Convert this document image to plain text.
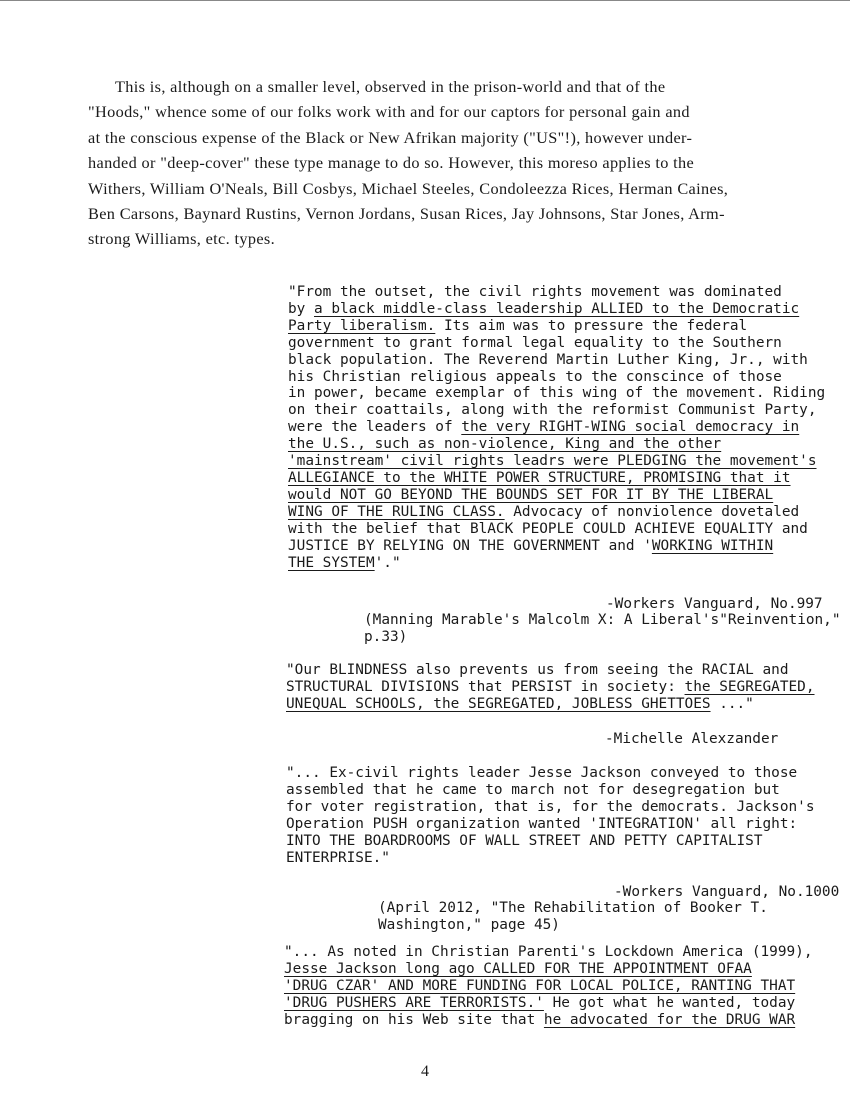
This is, although on a smaller level, observed in the prison-world and that of the
"Hoods," whence some of our folks work with and for our captors for personal gain and
at the conscious expense of the Black or New Afrikan majority ("US"!), however under-
handed or "deep-cover" these type manage to do so. However, this moreso applies to the
Withers, William O'Neals, Bill Cosbys, Michael Steeles, Condoleezza Rices, Herman Caines,
Ben Carsons, Baynard Rustins, Vernon Jordans, Susan Rices, Jay Johnsons, Star Jones, Arm-
strong Williams, etc. types.
"From the outset, the civil rights movement was dominated
by a black middle-class leadership ALLIED to the Democratic
Party liberalism. Its aim was to pressure the federal
government to grant formal legal equality to the Southern
black population. The Reverend Martin Luther King, Jr., with
his Christian religious appeals to the conscince of those
in power, became exemplar of this wing of the movement. Riding
on their coattails, along with the reformist Communist Party,
were the leaders of the very RIGHT-WING social democracy in
the U.S., such as non-violence, King and the other
'mainstream' civil rights leadrs were PLEDGING the movement's
ALLEGIANCE to the WHITE POWER STRUCTURE, PROMISING that it
would NOT GO BEYOND THE BOUNDS SET FOR IT BY THE LIBERAL
WING OF THE RULING CLASS. Advocacy of nonviolence dovetaled
with the belief that BlACK PEOPLE COULD ACHIEVE EQUALITY and
JUSTICE BY RELYING ON THE GOVERNMENT and 'WORKING WITHIN
THE SYSTEM'."
-Workers Vanguard, No.997
(Manning Marable's Malcolm X: A Liberal's"Reinvention,"
p.33)
"Our BLINDNESS also prevents us from seeing the RACIAL and
STRUCTURAL DIVISIONS that PERSIST in society: the SEGREGATED,
UNEQUAL SCHOOLS, the SEGREGATED, JOBLESS GHETTOES ..."
-Michelle Alexzander
"... Ex-civil rights leader Jesse Jackson conveyed to those
assembled that he came to march not for desegregation but
for voter registration, that is, for the democrats. Jackson's
Operation PUSH organization wanted 'INTEGRATION' all right:
INTO THE BOARDROOMS OF WALL STREET AND PETTY CAPITALIST
ENTERPRISE."
-Workers Vanguard, No.1000
(April 2012, "The Rehabilitation of Booker T.
Washington," page 45)
"... As noted in Christian Parenti's Lockdown America (1999),
Jesse Jackson long ago CALLED FOR THE APPOINTMENT OFAA
'DRUG CZAR' AND MORE FUNDING FOR LOCAL POLICE, RANTING THAT
'DRUG PUSHERS ARE TERRORISTS.' He got what he wanted, today
bragging on his Web site that he advocated for the DRUG WAR
4
